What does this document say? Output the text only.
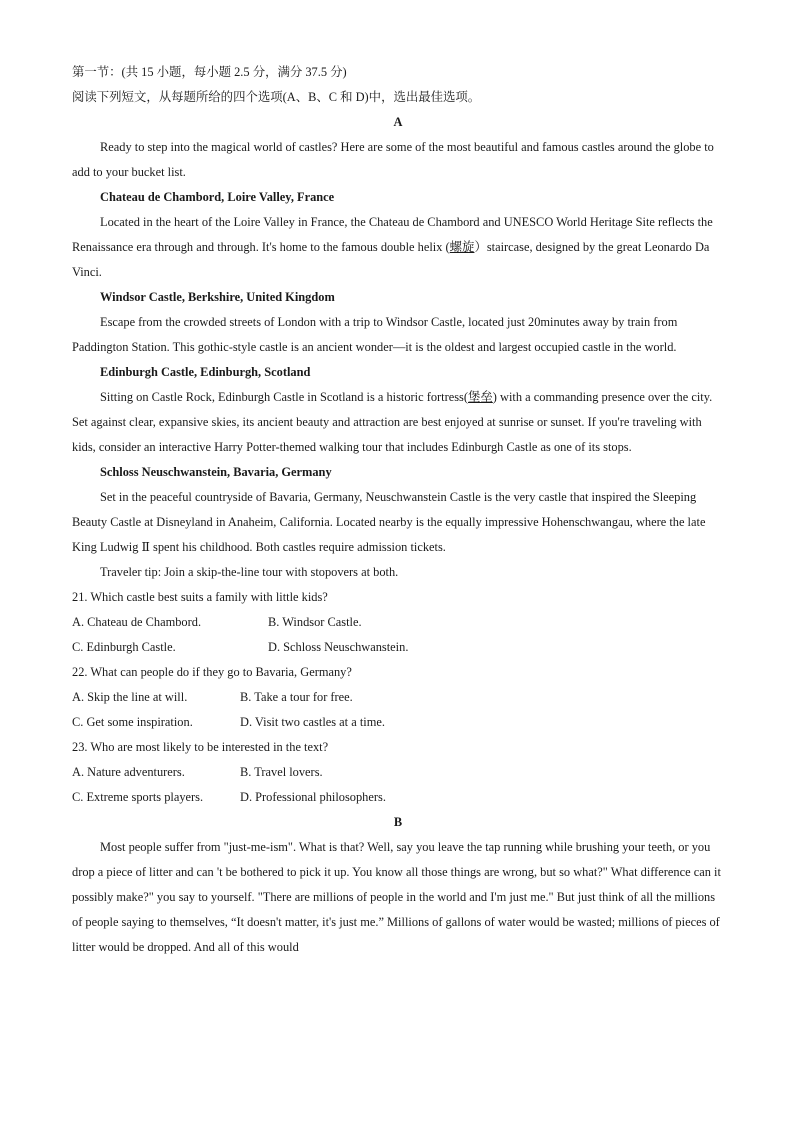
第一节：(共 15 小题，每小题 2.5 分，满分 37.5 分)

阅读下列短文，从每题所给的四个选项(A、B、C 和 D)中，选出最佳选项。

A

Ready to step into the magical world of castles? Here are some of the most beautiful and famous castles around the globe to add to your bucket list.

Chateau de Chambord, Loire Valley, France

Located in the heart of the Loire Valley in France, the Chateau de Chambord and UNESCO World Heritage Site reflects the Renaissance era through and through. It's home to the famous double helix (螺旋）staircase, designed by the great Leonardo Da Vinci.

Windsor Castle, Berkshire, United Kingdom

Escape from the crowded streets of London with a trip to Windsor Castle, located just 20minutes away by train from Paddington Station. This gothic-style castle is an ancient wonder—it is the oldest and largest occupied castle in the world.

Edinburgh Castle, Edinburgh, Scotland

Sitting on Castle Rock, Edinburgh Castle in Scotland is a historic fortress(堡垒) with a commanding presence over the city. Set against clear, expansive skies, its ancient beauty and attraction are best enjoyed at sunrise or sunset. If you're traveling with kids, consider an interactive Harry Potter-themed walking tour that includes Edinburgh Castle as one of its stops.

Schloss Neuschwanstein, Bavaria, Germany

Set in the peaceful countryside of Bavaria, Germany, Neuschwanstein Castle is the very castle that inspired the Sleeping Beauty Castle at Disneyland in Anaheim, California. Located nearby is the equally impressive Hohenschwangau, where the late King Ludwig Ⅱ spent his childhood. Both castles require admission tickets.

Traveler tip: Join a skip-the-line tour with stopovers at both.

21. Which castle best suits a family with little kids?

A. Chateau de Chambord.	B. Windsor Castle.
C. Edinburgh Castle.	D. Schloss Neuschwanstein.

22. What can people do if they go to Bavaria, Germany?

A. Skip the line at will.	B. Take a tour for free.
C. Get some inspiration.	D. Visit two castles at a time.

23. Who are most likely to be interested in the text?

A. Nature adventurers.	B. Travel lovers.
C. Extreme sports players.	D. Professional philosophers.

B

Most people suffer from "just-me-ism". What is that? Well, say you leave the tap running while brushing your teeth, or you drop a piece of litter and can 't be bothered to pick it up. You know all those things are wrong, but so what?" What difference can it possibly make?" you say to yourself. "There are millions of people in the world and I'm just me." But just think of all the millions of people saying to themselves, “It doesn't matter, it's just me.” Millions of gallons of water would be wasted; millions of pieces of litter would be dropped. And all of this would
